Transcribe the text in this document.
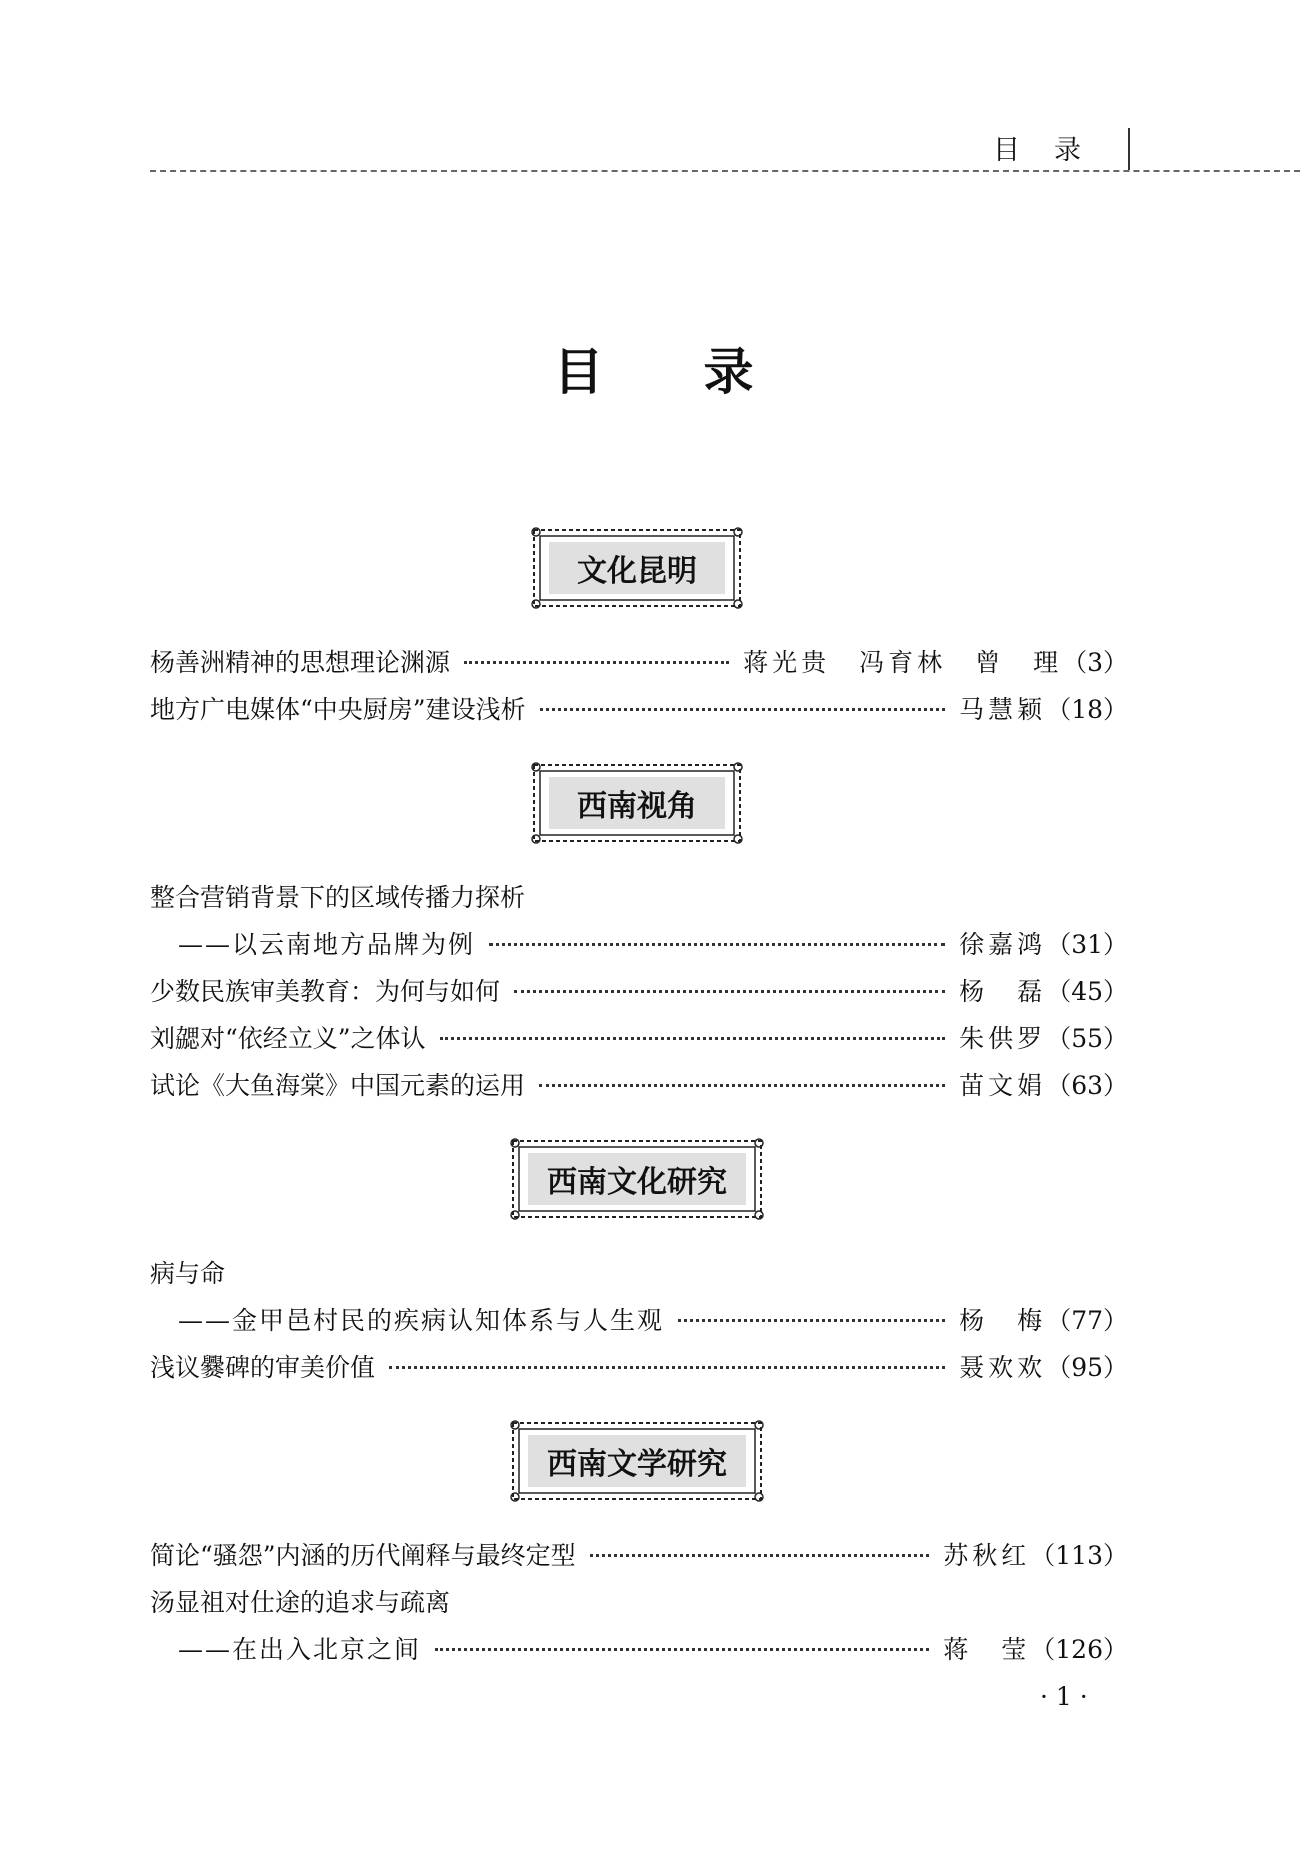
目录
目录
文化昆明
杨善洲精神的思想理论渊源	蒋光贵　冯育林　曾　理 （3）
地方广电媒体“中央厨房”建设浅析	马慧颖 （18）
西南视角
整合营销背景下的区域传播力探析
——以云南地方品牌为例	徐嘉鸿 （31）
少数民族审美教育：为何与如何	杨　磊 （45）
刘勰对“依经立义”之体认	朱供罗 （55）
试论《大鱼海棠》中国元素的运用	苗文娟 （63）
西南文化研究
病与命
——金甲邑村民的疾病认知体系与人生观	杨　梅 （77）
浅议爨碑的审美价值	聂欢欢 （95）
西南文学研究
简论“骚怨”内涵的历代阐释与最终定型	苏秋红 （113）
汤显祖对仕途的追求与疏离
——在出入北京之间	蒋　莹 （126）
· 1 ·
